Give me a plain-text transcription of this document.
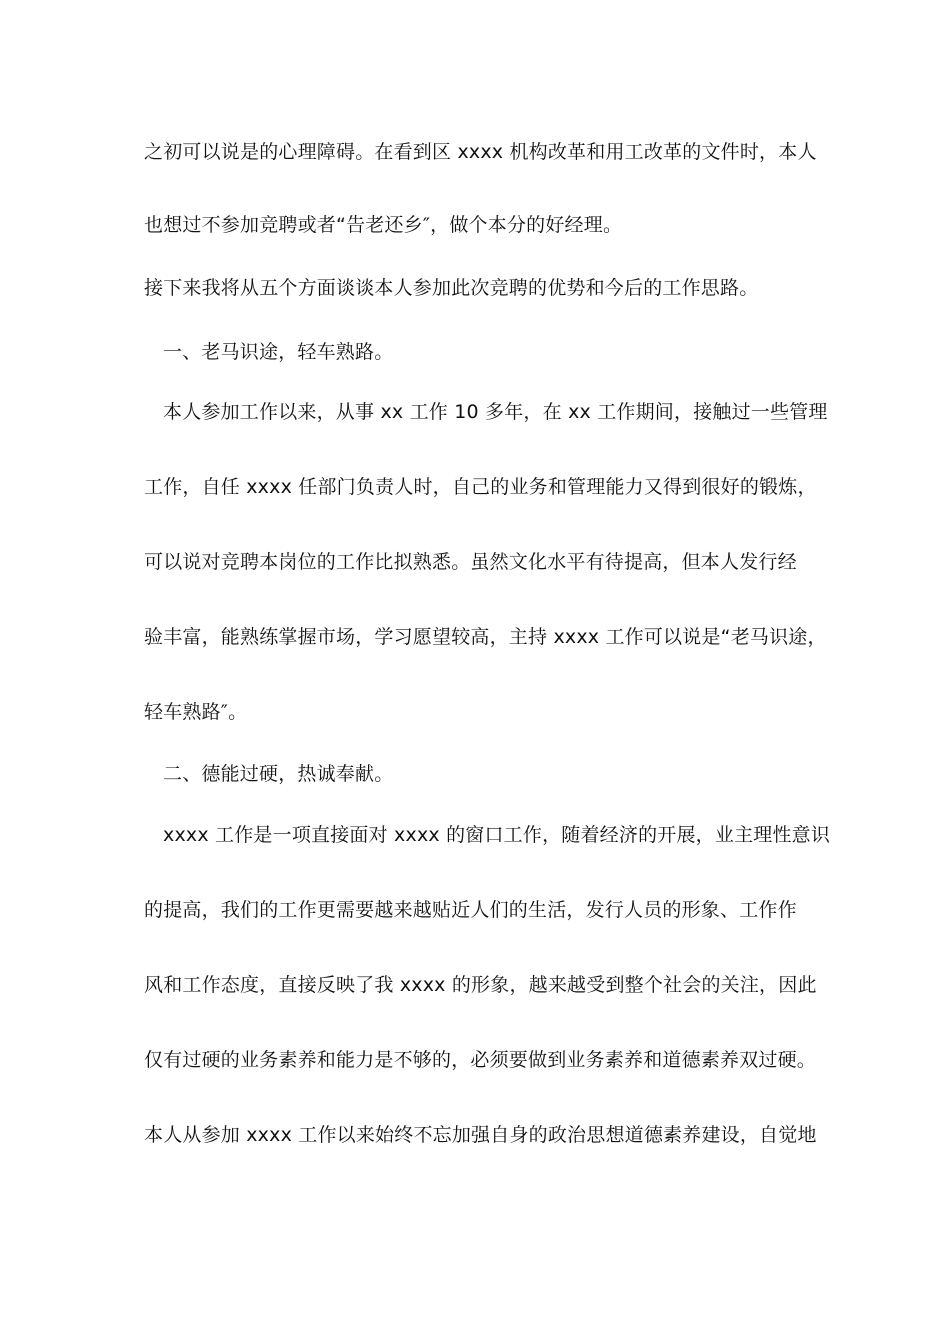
之初可以说是的心理障碍。在看到区 xxxx 机构改革和用工改革的文件时，本人
也想过不参加竞聘或者“告老还乡″，做个本分的好经理。
接下来我将从五个方面谈谈本人参加此次竞聘的优势和今后的工作思路。
一、老马识途，轻车熟路。
本人参加工作以来，从事 xx 工作 10 多年，在 xx 工作期间，接触过一些管理
工作，自任 xxxx 任部门负责人时，自己的业务和管理能力又得到很好的锻炼，
可以说对竞聘本岗位的工作比拟熟悉。虽然文化水平有待提高，但本人发行经
验丰富，能熟练掌握市场，学习愿望较高，主持 xxxx 工作可以说是“老马识途，
轻车熟路″。
二、德能过硬，热诚奉献。
xxxx 工作是一项直接面对 xxxx 的窗口工作，随着经济的开展，业主理性意识
的提高，我们的工作更需要越来越贴近人们的生活，发行人员的形象、工作作
风和工作态度，直接反映了我 xxxx 的形象，越来越受到整个社会的关注，因此
仅有过硬的业务素养和能力是不够的，必须要做到业务素养和道德素养双过硬。
本人从参加 xxxx 工作以来始终不忘加强自身的政治思想道德素养建设，自觉地
